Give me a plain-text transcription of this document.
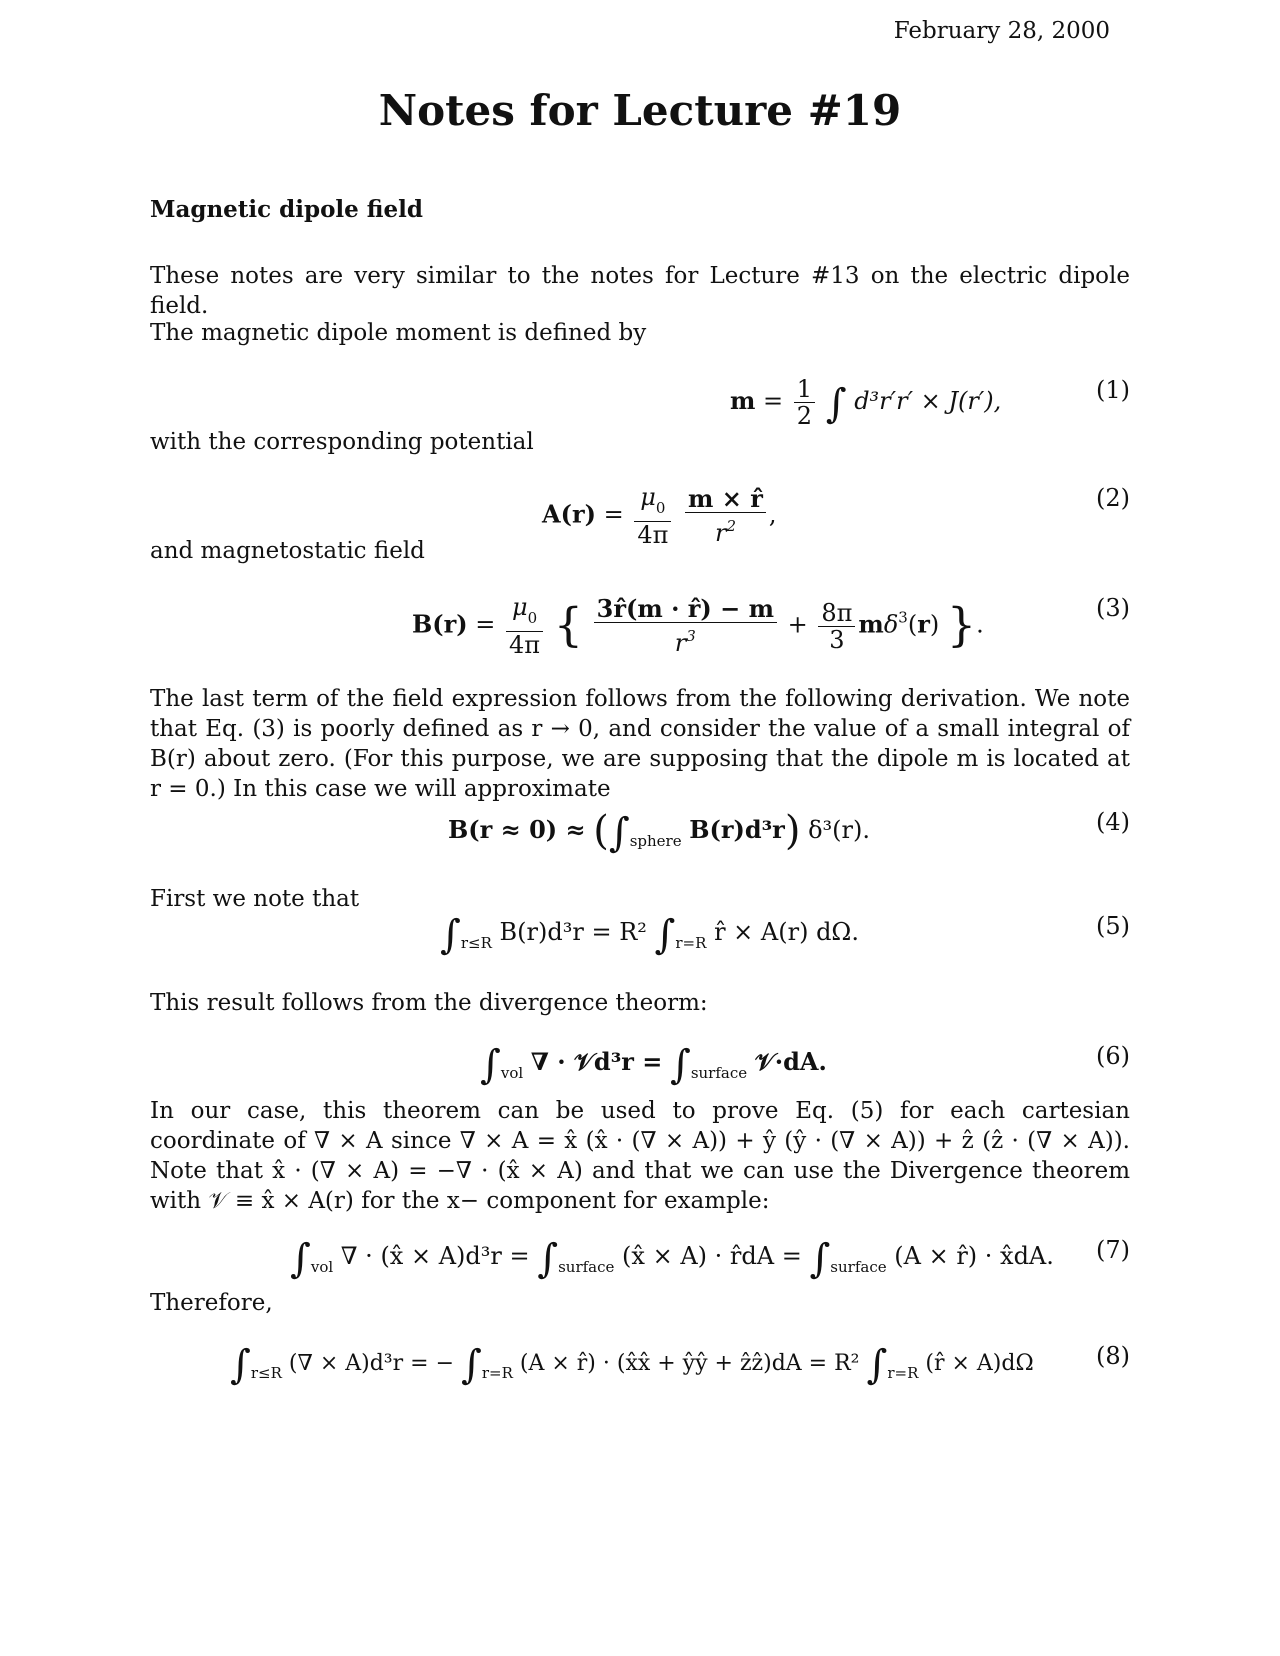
February 28, 2000
Notes for Lecture #19
Magnetic dipole field
These notes are very similar to the notes for Lecture #13 on the electric dipole field.
The magnetic dipole moment is defined by
$m = \frac{1}{2}$ ∫ d³r′r′ × J(r′),	(1)
with the corresponding potential
$A(r) = \frac{\mu_0}{4\pi}$
$\frac{m \times r̂}{r^2}$ ,
(2)
and magnetostatic field
$B(r) = \frac{\mu_0}{4\pi}$ { $\frac{3r̂(m \cdot r̂) - m}{r^3} + \frac{8\pi}{3} m\delta^3(r)$ }.
(3)
The last term of the field expression follows from the following derivation. We note that Eq. (3) is poorly defined as r → 0, and consider the value of a small integral of B(r) about zero. (For this purpose, we are supposing that the dipole m is located at r = 0.) In this case we will approximate
$B(r \approx 0) \approx (\int_{sphere}$ B(r)d³r) δ³(r).	(4)
First we note that
$\int_{r\le R}$ B(r)d³r = R² $\int_{r=R}$ r̂ × A(r) dΩ.	(5)
This result follows from the divergence theorm:
$\int_{vol}$ ∇ · 𝒱d³r = $\int_{surface}$ 𝒱·dA.	(6)
In our case, this theorem can be used to prove Eq. (5) for each cartesian coordinate of ∇ × A since ∇ × A = x̂ (x̂ · (∇ × A)) + ŷ (ŷ · (∇ × A)) + ẑ (ẑ · (∇ × A)). Note that x̂ · (∇ × A) = −∇ · (x̂ × A) and that we can use the Divergence theorem with 𝒱 ≡ x̂ × A(r) for the x− component for example:
$\int_{vol}$ ∇ · (x̂ × $A)d^3r = \int_{surface}$ (x̂ × A) · r̂dA = $\int_{surface}$ (A × r̂) · x̂dA. (7)
Therefore,
$\int_{r\le R}$ (∇ × A)d³r = − $\int_{r=R}$ (A × r̂) · (x̂x̂ + ŷŷ + ẑẑ)dA = R² $\int_{r=R}$ (r̂ × A)dΩ	(8)
